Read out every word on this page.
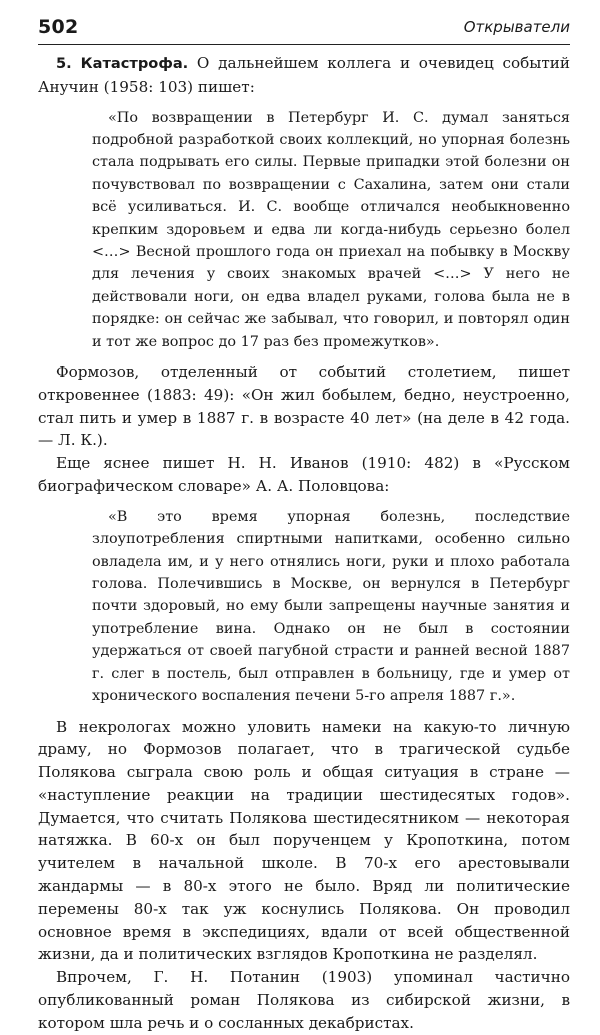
502	Открыватели

5. Катастрофа. О дальнейшем коллега и очевидец событий Анучин (1958: 103) пишет:

«По возвращении в Петербург И. С. думал заняться подробной разработкой своих коллекций, но упорная болезнь стала подрывать его силы. Первые припадки этой болезни он почувствовал по возвращении с Сахалина, затем они стали всё усиливаться. И. С. вообще отличался необыкновенно крепким здоровьем и едва ли когда-нибудь серьезно болел <…> Весной прошлого года он приехал на побывку в Москву для лечения у своих знакомых врачей <…> У него не действовали ноги, он едва владел руками, голова была не в порядке: он сейчас же забывал, что говорил, и повторял один и тот же вопрос до 17 раз без промежутков».

Формозов, отделенный от событий столетием, пишет откровеннее (1883: 49): «Он жил бобылем, бедно, неустроенно, стал пить и умер в 1887 г. в возрасте 40 лет» (на деле в 42 года. — Л. К.).

Еще яснее пишет Н. Н. Иванов (1910: 482) в «Русском биографическом словаре» А. А. Половцова:

«В это время упорная болезнь, последствие злоупотребления спиртными напитками, особенно сильно овладела им, и у него отнялись ноги, руки и плохо работала голова. Полечившись в Москве, он вернулся в Петербург почти здоровый, но ему были запрещены научные занятия и употребление вина. Однако он не был в состоянии удержаться от своей пагубной страсти и ранней весной 1887 г. слег в постель, был отправлен в больницу, где и умер от хронического воспаления печени 5-го апреля 1887 г.».

В некрологах можно уловить намеки на какую-то личную драму, но Формозов полагает, что в трагической судьбе Полякова сыграла свою роль и общая ситуация в стране — «наступление реакции на традиции шестидесятых годов». Думается, что считать Полякова шестидесятником — некоторая натяжка. В 60-х он был порученцем у Кропоткина, потом учителем в начальной школе. В 70-х его арестовывали жандармы — в 80-х этого не было. Вряд ли политические перемены 80-х так уж коснулись Полякова. Он проводил основное время в экспедициях, вдали от всей общественной жизни, да и политических взглядов Кропоткина не разделял.

Впрочем, Г. Н. Потанин (1903) упоминал частично опубликованный роман Полякова из сибирской жизни, в котором шла речь и о сосланных декабристах.
